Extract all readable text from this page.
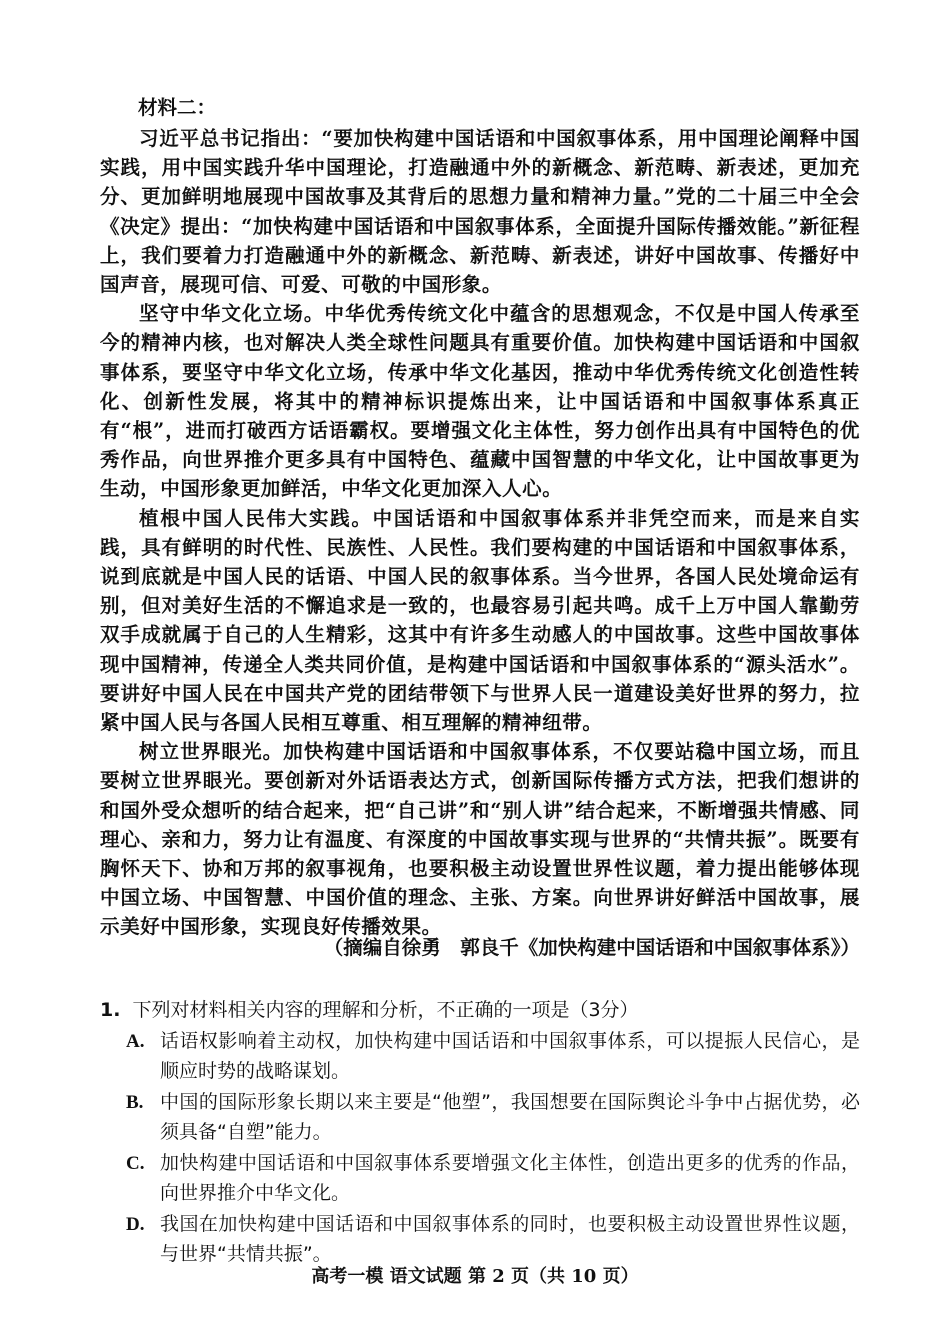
材料二：

习近平总书记指出：“要加快构建中国话语和中国叙事体系，用中国理论阐释中国实践，用中国实践升华中国理论，打造融通中外的新概念、新范畴、新表述，更加充分、更加鲜明地展现中国故事及其背后的思想力量和精神力量。”党的二十届三中全会《决定》提出：“加快构建中国话语和中国叙事体系，全面提升国际传播效能。”新征程上，我们要着力打造融通中外的新概念、新范畴、新表述，讲好中国故事、传播好中国声音，展现可信、可爱、可敬的中国形象。

坚守中华文化立场。中华优秀传统文化中蕴含的思想观念，不仅是中国人传承至今的精神内核，也对解决人类全球性问题具有重要价值。加快构建中国话语和中国叙事体系，要坚守中华文化立场，传承中华文化基因，推动中华优秀传统文化创造性转化、创新性发展，将其中的精神标识提炼出来，让中国话语和中国叙事体系真正有“根”，进而打破西方话语霸权。要增强文化主体性，努力创作出具有中国特色的优秀作品，向世界推介更多具有中国特色、蕴藏中国智慧的中华文化，让中国故事更为生动，中国形象更加鲜活，中华文化更加深入人心。

植根中国人民伟大实践。中国话语和中国叙事体系并非凭空而来，而是来自实践，具有鲜明的时代性、民族性、人民性。我们要构建的中国话语和中国叙事体系，说到底就是中国人民的话语、中国人民的叙事体系。当今世界，各国人民处境命运有别，但对美好生活的不懈追求是一致的，也最容易引起共鸣。成千上万中国人靠勤劳双手成就属于自己的人生精彩，这其中有许多生动感人的中国故事。这些中国故事体现中国精神，传递全人类共同价值，是构建中国话语和中国叙事体系的“源头活水”。要讲好中国人民在中国共产党的团结带领下与世界人民一道建设美好世界的努力，拉紧中国人民与各国人民相互尊重、相互理解的精神纽带。

树立世界眼光。加快构建中国话语和中国叙事体系，不仅要站稳中国立场，而且要树立世界眼光。要创新对外话语表达方式，创新国际传播方式方法，把我们想讲的和国外受众想听的结合起来，把“自己讲”和“别人讲”结合起来，不断增强共情感、同理心、亲和力，努力让有温度、有深度的中国故事实现与世界的“共情共振”。既要有胸怀天下、协和万邦的叙事视角，也要积极主动设置世界性议题，着力提出能够体现中国立场、中国智慧、中国价值的理念、主张、方案。向世界讲好鲜活中国故事，展示美好中国形象，实现良好传播效果。

（摘编自徐勇　郭良千《加快构建中国话语和中国叙事体系》）
1. 下列对材料相关内容的理解和分析，不正确的一项是（3分）
A. 话语权影响着主动权，加快构建中国话语和中国叙事体系，可以提振人民信心，是顺应时势的战略谋划。
B. 中国的国际形象长期以来主要是“他塑”，我国想要在国际舆论斗争中占据优势，必须具备“自塑”能力。
C. 加快构建中国话语和中国叙事体系要增强文化主体性，创造出更多的优秀的作品，向世界推介中华文化。
D. 我国在加快构建中国话语和中国叙事体系的同时，也要积极主动设置世界性议题，与世界“共情共振”。
高考一模 语文试题 第 2 页（共 10 页）
